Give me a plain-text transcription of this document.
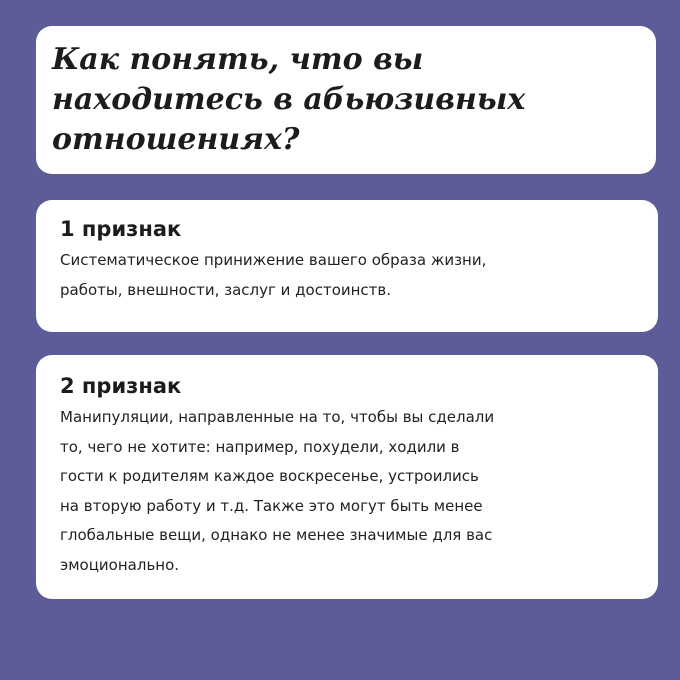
Как понять, что вы
находитесь в абьюзивных
отношениях?
1 признак

Систематическое принижение вашего образа жизни,
работы, внешности, заслуг и достоинств.

2 признак

Манипуляции, направленные на то, чтобы вы сделали
то, чего не хотите: например, похудели, ходили в
гости к родителям каждое воскресенье, устроились
на вторую работу и т.д. Также это могут быть менее
глобальные вещи, однако не менее значимые для вас
эмоционально.
